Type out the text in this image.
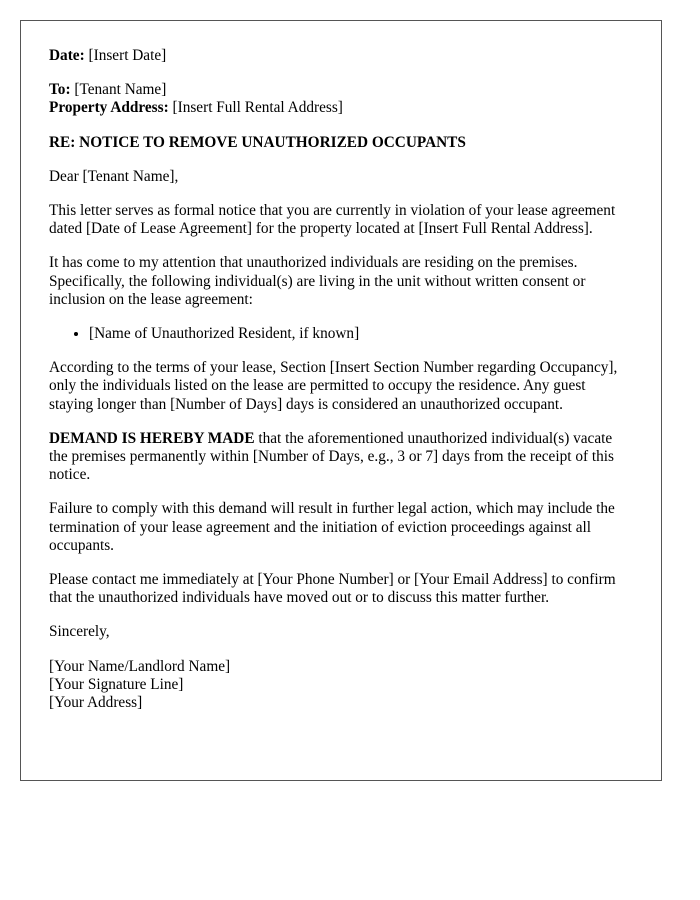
Date: [Insert Date]

To: [Tenant Name]

Property Address: [Insert Full Rental Address]

RE: NOTICE TO REMOVE UNAUTHORIZED OCCUPANTS

Dear [Tenant Name],

This letter serves as formal notice that you are currently in violation of your lease agreement dated [Date of Lease Agreement] for the property located at [Insert Full Rental Address].

It has come to my attention that unauthorized individuals are residing on the premises. Specifically, the following individual(s) are living in the unit without written consent or inclusion on the lease agreement:

• [Name of Unauthorized Resident, if known]

According to the terms of your lease, Section [Insert Section Number regarding Occupancy], only the individuals listed on the lease are permitted to occupy the residence. Any guest staying longer than [Number of Days] days is considered an unauthorized occupant.

DEMAND IS HEREBY MADE that the aforementioned unauthorized individual(s) vacate the premises permanently within [Number of Days, e.g., 3 or 7] days from the receipt of this notice.

Failure to comply with this demand will result in further legal action, which may include the termination of your lease agreement and the initiation of eviction proceedings against all occupants.

Please contact me immediately at [Your Phone Number] or [Your Email Address] to confirm that the unauthorized individuals have moved out or to discuss this matter further.

Sincerely,

[Your Name/Landlord Name]

[Your Signature Line]

[Your Address]
